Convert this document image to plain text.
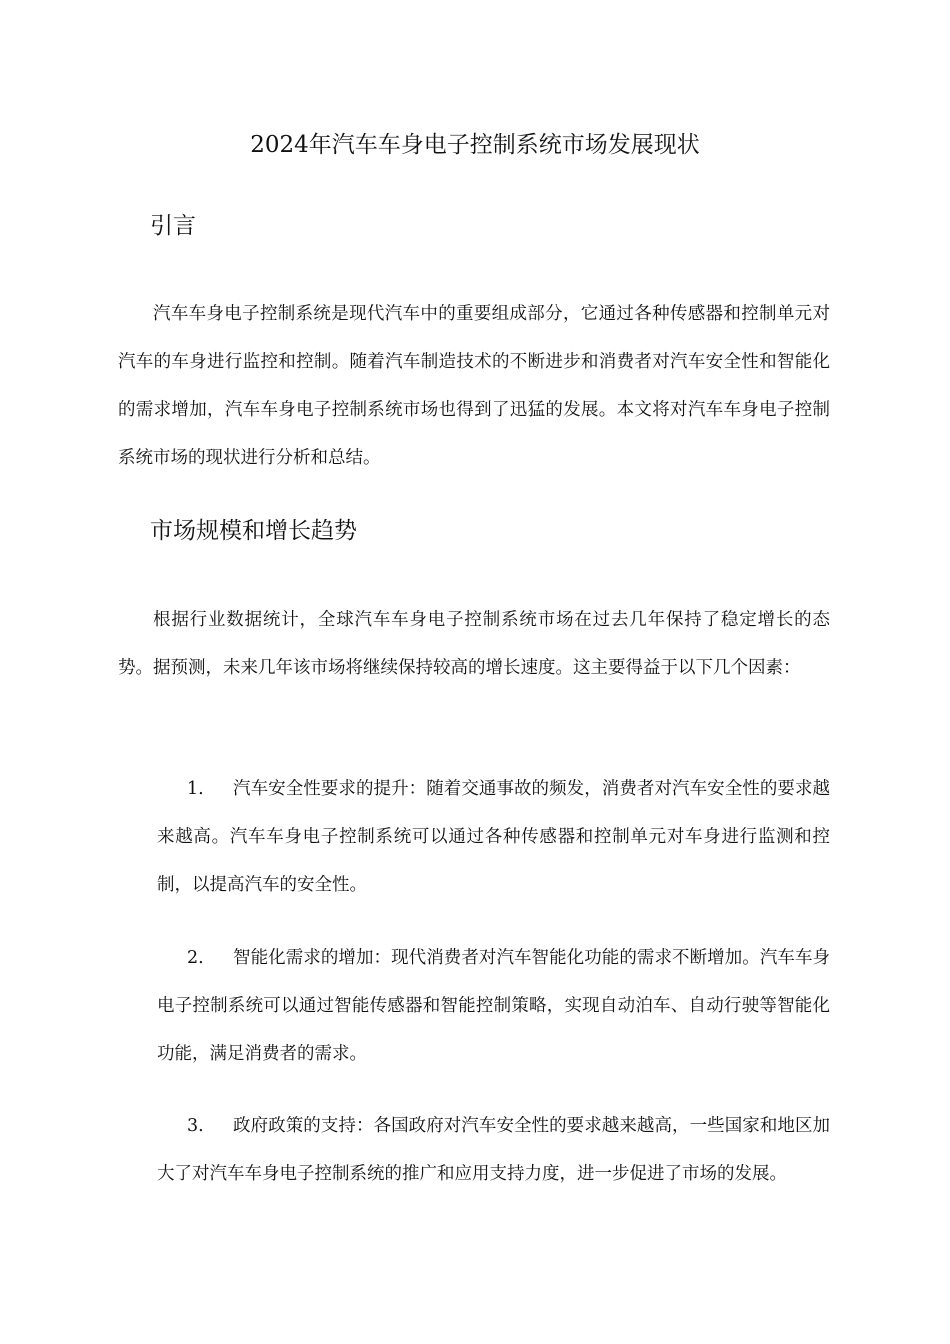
2024年汽车车身电子控制系统市场发展现状
引言

汽车车身电子控制系统是现代汽车中的重要组成部分，它通过各种传感器和控制单元对汽车的车身进行监控和控制。随着汽车制造技术的不断进步和消费者对汽车安全性和智能化的需求增加，汽车车身电子控制系统市场也得到了迅猛的发展。本文将对汽车车身电子控制系统市场的现状进行分析和总结。

市场规模和增长趋势

根据行业数据统计，全球汽车车身电子控制系统市场在过去几年保持了稳定增长的态势。据预测，未来几年该市场将继续保持较高的增长速度。这主要得益于以下几个因素：

1. 汽车安全性要求的提升：随着交通事故的频发，消费者对汽车安全性的要求越来越高。汽车车身电子控制系统可以通过各种传感器和控制单元对车身进行监测和控制，以提高汽车的安全性。

2. 智能化需求的增加：现代消费者对汽车智能化功能的需求不断增加。汽车车身电子控制系统可以通过智能传感器和智能控制策略，实现自动泊车、自动行驶等智能化功能，满足消费者的需求。

3. 政府政策的支持：各国政府对汽车安全性的要求越来越高，一些国家和地区加大了对汽车车身电子控制系统的推广和应用支持力度，进一步促进了市场的发展。
